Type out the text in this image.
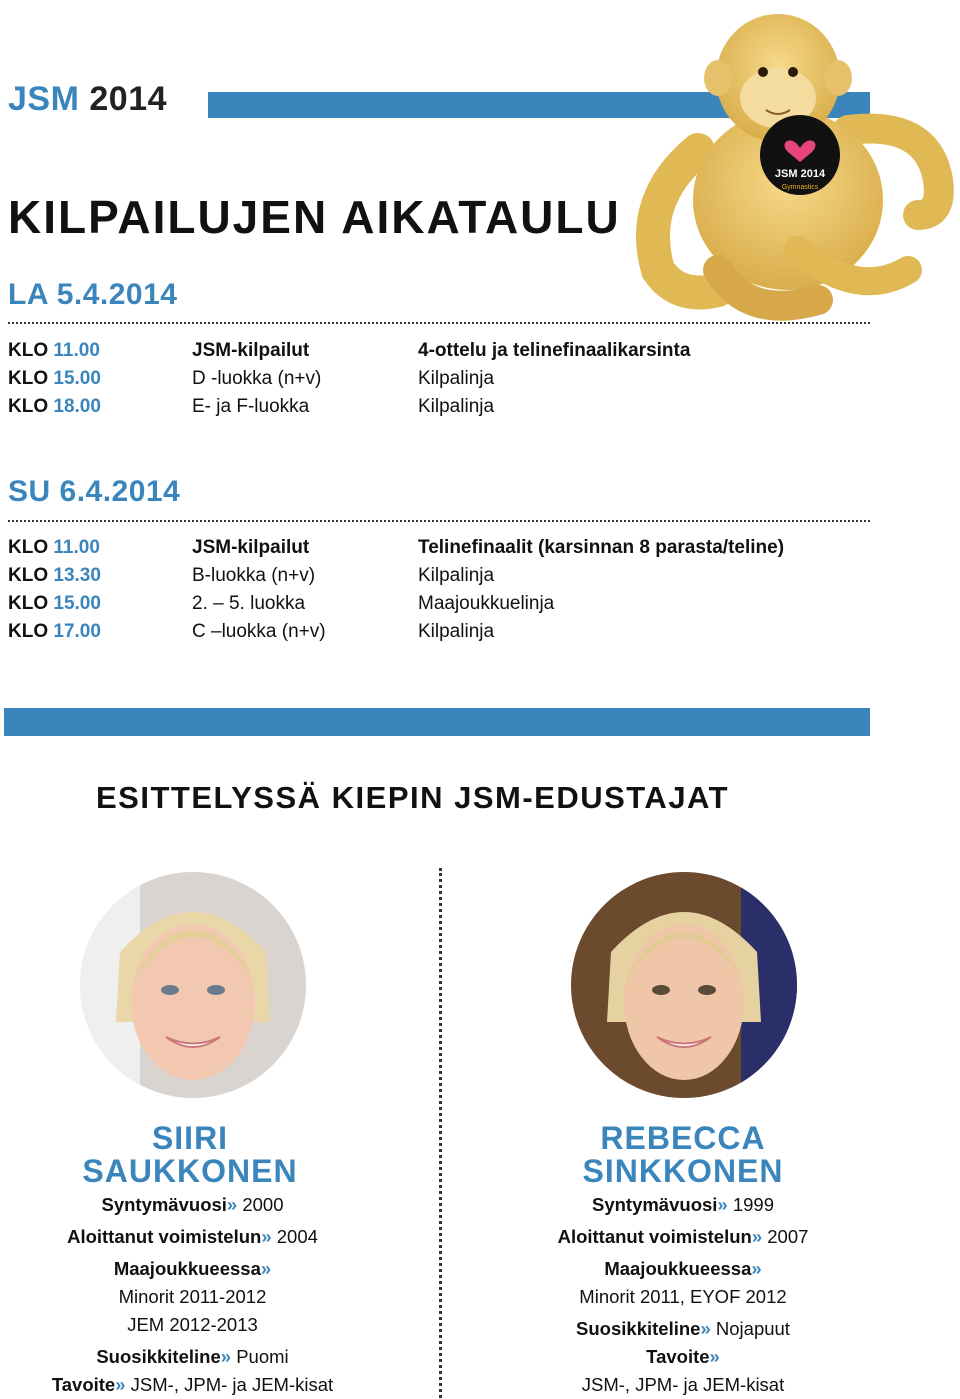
JSM 2014
JSM 2014
Gymnastics
KILPAILUJEN AIKATAULU
LA 5.4.2014
KLO 11.00	JSM-kilpailut	4-ottelu ja telinefinaalikarsinta
KLO 15.00	D -luokka (n+v)	Kilpalinja
KLO 18.00	E- ja F-luokka	Kilpalinja
SU 6.4.2014
KLO 11.00	JSM-kilpailut	Telinefinaalit (karsinnan 8 parasta/teline)
KLO 13.30	B-luokka (n+v)	Kilpalinja
KLO 15.00	2. – 5. luokka	Maajoukkuelinja
KLO 17.00	C –luokka (n+v)	Kilpalinja
ESITTELYSSÄ KIEPIN JSM-EDUSTAJAT
SIIRI
SAUKKONEN
Syntymävuosi» 2000
Aloittanut voimistelun» 2004
Maajoukkueessa»
Minorit 2011-2012
JEM 2012-2013
Suosikkiteline» Puomi
Tavoite» JSM-, JPM- ja JEM-kisat
REBECCA
SINKKONEN
Syntymävuosi» 1999
Aloittanut voimistelun» 2007
Maajoukkueessa»
Minorit 2011, EYOF 2012
Suosikkiteline» Nojapuut
Tavoite»
JSM-, JPM- ja JEM-kisat
